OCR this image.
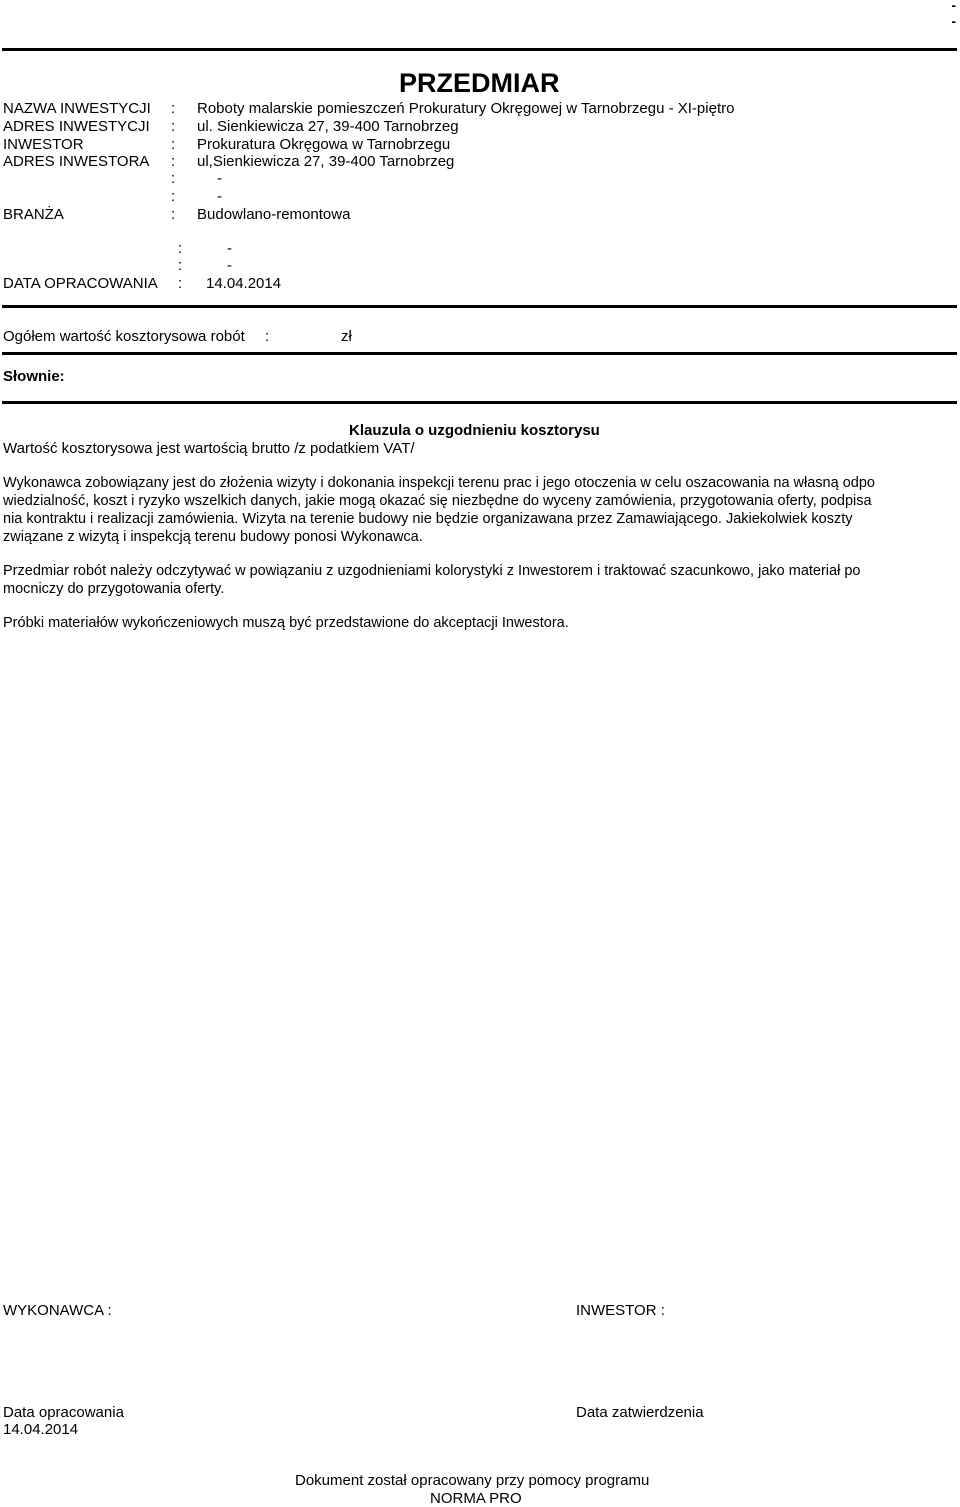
-
-
PRZEDMIAR
NAZWA INWESTYCJI : Roboty malarskie pomieszczeń Prokuratury Okręgowej w Tarnobrzegu - XI-piętro
ADRES INWESTYCJI : ul. Sienkiewicza 27, 39-400 Tarnobrzeg
INWESTOR	: Prokuratura Okręgowa w Tarnobrzegu
ADRES INWESTORA : ul,Sienkiewicza 27, 39-400 Tarnobrzeg
:	-
:	-
BRANŻA	: Budowlano-remontowa
:	-
:	-
DATA OPRACOWANIA : 14.04.2014
Ogółem wartość kosztorysowa robót :	zł
Słownie:
Klauzula o uzgodnieniu kosztorysu
Wartość kosztorysowa jest wartością brutto /z podatkiem VAT/
Wykonawca zobowiązany jest do złożenia wizyty i dokonania inspekcji terenu prac i jego otoczenia w celu oszacowania na własną odpo
wiedzialność, koszt i ryzyko wszelkich danych, jakie mogą okazać się niezbędne do wyceny zamówienia, przygotowania oferty, podpisa
nia kontraktu i realizacji zamówienia. Wizyta na terenie budowy nie będzie organizawana przez Zamawiającego. Jakiekolwiek koszty
związane z wizytą i inspekcją terenu budowy ponosi Wykonawca.
Przedmiar robót należy odczytywać w powiązaniu z uzgodnieniami kolorystyki z Inwestorem i traktować szacunkowo, jako materiał po
mocniczy do przygotowania oferty.
Próbki materiałów wykończeniowych muszą być przedstawione do akceptacji Inwestora.
WYKONAWCA :	INWESTOR :
Data opracowania
14.04.2014
Data zatwierdzenia
Dokument został opracowany przy pomocy programu
NORMA PRO
